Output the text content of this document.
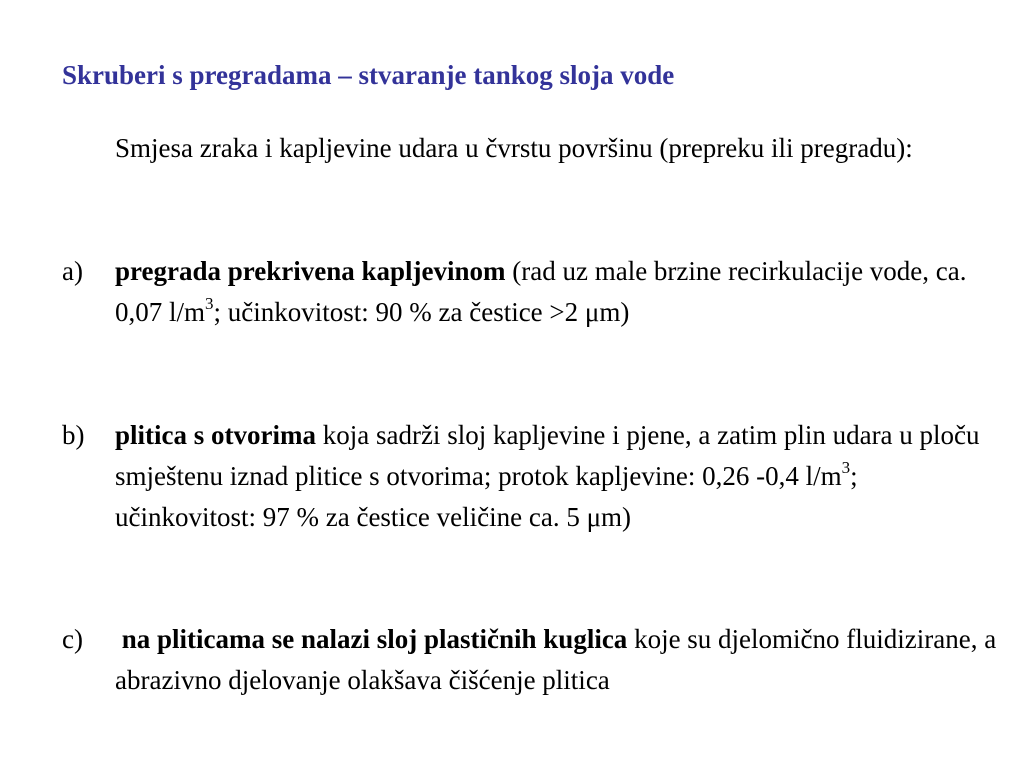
Skruberi s pregradama – stvaranje tankog sloja vode
Smjesa zraka i kapljevine udara u čvrstu površinu (prepreku ili pregradu):
a) pregrada prekrivena kapljevinom (rad uz male brzine recirkulacije vode, ca. 0,07 $l/m^3$; učinkovitost: 90 % za čestice >2 μm)
b) plitica s otvorima koja sadrži sloj kapljevine i pjene, a zatim plin udara u ploču smještenu iznad plitice s otvorima; protok kapljevine: 0,26 -0,4 $l/m^3$; učinkovitost: 97 % za čestice veličine ca. 5 μm)
c) na pliticama se nalazi sloj plastičnih kuglica koje su djelomično fluidizirane, a abrazivno djelovanje olakšava čišćenje plitica
